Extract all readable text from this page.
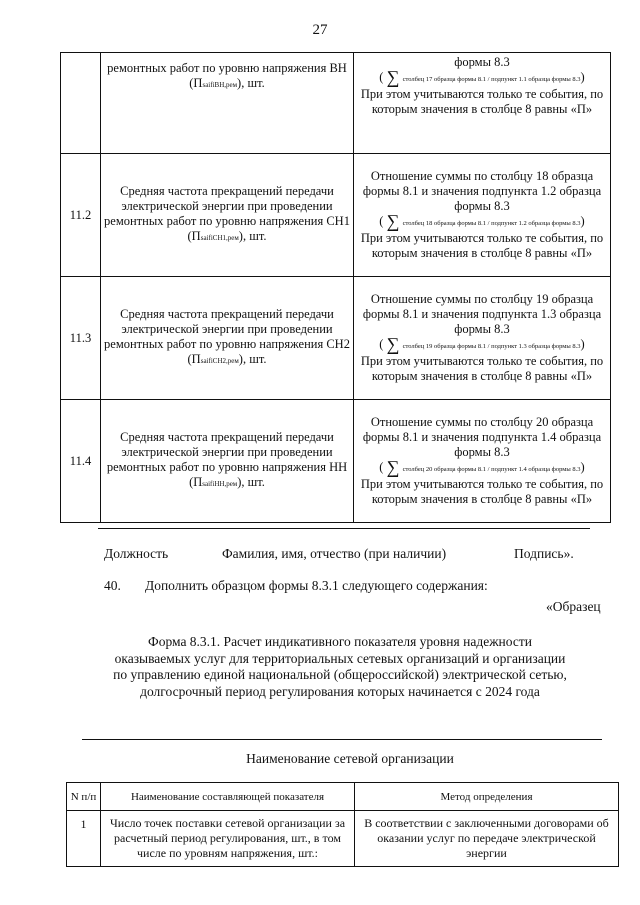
27
	ремонтных работ по уровню напряжения ВН (ПsaifiВН,рем), шт.	формы 8.3
( ∑ столбец 17 образца формы 8.1 / подпункт 1.1 образца формы 8.3)
При этом учитываются только те события, по которым значения в столбце 8 равны «П»

11.2	Средняя частота прекращений передачи электрической энергии при проведении ремонтных работ по уровню напряжения СН1 (ПsaifiСН1,рем), шт.	Отношение суммы по столбцу 18 образца формы 8.1 и значения подпункта 1.2 образца формы 8.3
( ∑ столбец 18 образца формы 8.1 / подпункт 1.2 образца формы 8.3)
При этом учитываются только те события, по которым значения в столбце 8 равны «П»

11.3	Средняя частота прекращений передачи электрической энергии при проведении ремонтных работ по уровню напряжения СН2 (ПsaifiСН2,рем), шт.	Отношение суммы по столбцу 19 образца формы 8.1 и значения подпункта 1.3 образца формы 8.3
( ∑ столбец 19 образца формы 8.1 / подпункт 1.3 образца формы 8.3)
При этом учитываются только те события, по которым значения в столбце 8 равны «П»

11.4	Средняя частота прекращений передачи электрической энергии при проведении ремонтных работ по уровню напряжения НН (ПsaifiНН,рем), шт.	Отношение суммы по столбцу 20 образца формы 8.1 и значения подпункта 1.4 образца формы 8.3
( ∑ столбец 20 образца формы 8.1 / подпункт 1.4 образца формы 8.3)
При этом учитываются только те события, по которым значения в столбце 8 равны «П»
Должность	Фамилия, имя, отчество (при наличии)	Подпись».
40. Дополнить образцом формы 8.3.1 следующего содержания:
«Образец
Форма 8.3.1. Расчет индикативного показателя уровня надежности оказываемых услуг для территориальных сетевых организаций и организации по управлению единой национальной (общероссийской) электрической сетью, долгосрочный период регулирования которых начинается с 2024 года
Наименование сетевой организации
N п/п	Наименование составляющей показателя	Метод определения
1	Число точек поставки сетевой организации за расчетный период регулирования, шт., в том числе по уровням напряжения, шт.:	В соответствии с заключенными договорами об оказании услуг по передаче электрической энергии
